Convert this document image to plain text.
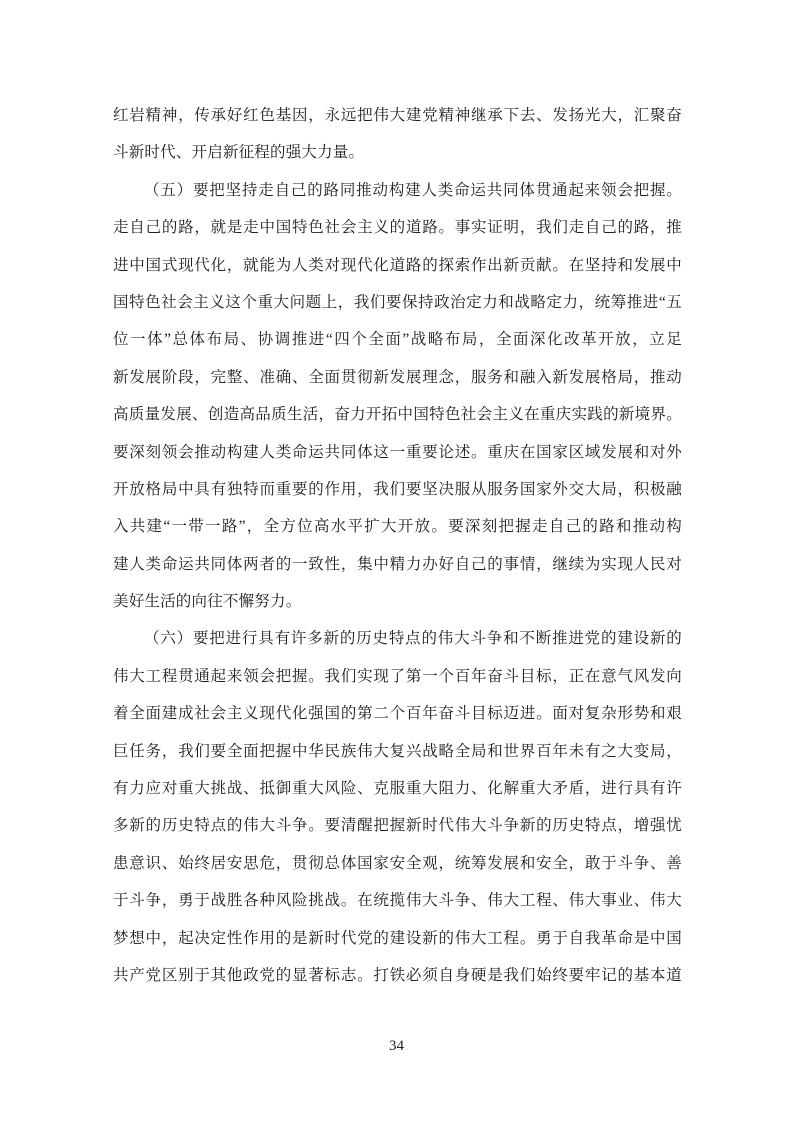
红岩精神，传承好红色基因，永远把伟大建党精神继承下去、发扬光大，汇聚奋
斗新时代、开启新征程的强大力量。
（五）要把坚持走自己的路同推动构建人类命运共同体贯通起来领会把握。
走自己的路，就是走中国特色社会主义的道路。事实证明，我们走自己的路，推
进中国式现代化，就能为人类对现代化道路的探索作出新贡献。在坚持和发展中
国特色社会主义这个重大问题上，我们要保持政治定力和战略定力，统筹推进“五
位一体”总体布局、协调推进“四个全面”战略布局，全面深化改革开放，立足
新发展阶段，完整、准确、全面贯彻新发展理念，服务和融入新发展格局，推动
高质量发展、创造高品质生活，奋力开拓中国特色社会主义在重庆实践的新境界。
要深刻领会推动构建人类命运共同体这一重要论述。重庆在国家区域发展和对外
开放格局中具有独特而重要的作用，我们要坚决服从服务国家外交大局，积极融
入共建“一带一路”，全方位高水平扩大开放。要深刻把握走自己的路和推动构
建人类命运共同体两者的一致性，集中精力办好自己的事情，继续为实现人民对
美好生活的向往不懈努力。
（六）要把进行具有许多新的历史特点的伟大斗争和不断推进党的建设新的
伟大工程贯通起来领会把握。我们实现了第一个百年奋斗目标，正在意气风发向
着全面建成社会主义现代化强国的第二个百年奋斗目标迈进。面对复杂形势和艰
巨任务，我们要全面把握中华民族伟大复兴战略全局和世界百年未有之大变局，
有力应对重大挑战、抵御重大风险、克服重大阻力、化解重大矛盾，进行具有许
多新的历史特点的伟大斗争。要清醒把握新时代伟大斗争新的历史特点，增强忧
患意识、始终居安思危，贯彻总体国家安全观，统筹发展和安全，敢于斗争、善
于斗争，勇于战胜各种风险挑战。在统揽伟大斗争、伟大工程、伟大事业、伟大
梦想中，起决定性作用的是新时代党的建设新的伟大工程。勇于自我革命是中国
共产党区别于其他政党的显著标志。打铁必须自身硬是我们始终要牢记的基本道
34
